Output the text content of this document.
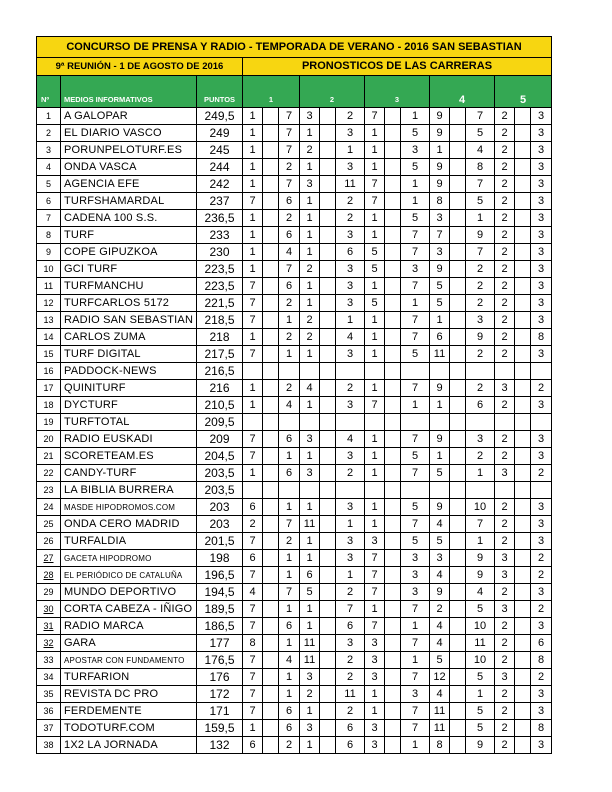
CONCURSO DE PRENSA Y RADIO - TEMPORADA DE VERANO - 2016 SAN SEBASTIAN																	
9ª REUNIÓN - 1 DE AGOSTO DE 2016			PRONOSTICOS DE LAS CARRERAS														
Nº	MEDIOS INFORMATIVOS	PUNTOS	1			2			3			4			5		
1	A GALOPAR	249,5	1		7	3		2	7		1	9		7	2		3
2	EL DIARIO VASCO	249	1		7	1		3	1		5	9		5	2		3
3	PORUNPELOTURF.ES	245	1		7	2		1	1		3	1		4	2		3
4	ONDA VASCA	244	1		2	1		3	1		5	9		8	2		3
5	AGENCIA EFE	242	1		7	3		11	7		1	9		7	2		3
6	TURFSHAMARDAL	237	7		6	1		2	7		1	8		5	2		3
7	CADENA 100 S.S.	236,5	1		2	1		2	1		5	3		1	2		3
8	TURF	233	1		6	1		3	1		7	7		9	2		3
9	COPE GIPUZKOA	230	1		4	1		6	5		7	3		7	2		3
10	GCI TURF	223,5	1		7	2		3	5		3	9		2	2		3
11	TURFMANCHU	223,5	7		6	1		3	1		7	5		2	2		3
12	TURFCARLOS 5172	221,5	7		2	1		3	5		1	5		2	2		3
13	RADIO SAN SEBASTIAN	218,5	7		1	2		1	1		7	1		3	2		3
14	CARLOS ZUMA	218	1		2	2		4	1		7	6		9	2		8
15	TURF DIGITAL	217,5	7		1	1		3	1		5	11		2	2		3
16	PADDOCK-NEWS	216,5															
17	QUINITURF	216	1		2	4		2	1		7	9		2	3		2
18	DYCTURF	210,5	1		4	1		3	7		1	1		6	2		3
19	TURFTOTAL	209,5															
20	RADIO EUSKADI	209	7		6	3		4	1		7	9		3	2		3
21	SCORETEAM.ES	204,5	7		1	1		3	1		5	1		2	2		3
22	CANDY-TURF	203,5	1		6	3		2	1		7	5		1	3		2
23	LA BIBLIA BURRERA	203,5															
24	MASDE HIPODROMOS.COM	203	6		1	1		3	1		5	9		10	2		3
25	ONDA CERO MADRID	203	2		7	11		1	1		7	4		7	2		3
26	TURFALDIA	201,5	7		2	1		3	3		5	5		1	2		3
27	GACETA HIPODROMO	198	6		1	1		3	7		3	3		9	3		2
28	EL PERIÓDICO DE CATALUÑA	196,5	7		1	6		1	7		3	4		9	3		2
29	MUNDO DEPORTIVO	194,5	4		7	5		2	7		3	9		4	2		3
30	CORTA CABEZA - IÑIGO	189,5	7		1	1		7	1		7	2		5	3		2
31	RADIO MARCA	186,5	7		6	1		6	7		1	4		10	2		3
32	GARA	177	8		1	11		3	3		7	4		11	2		6
33	APOSTAR CON FUNDAMENTO	176,5	7		4	11		2	3		1	5		10	2		8
34	TURFARION	176	7		1	3		2	3		7	12		5	3		2
35	REVISTA DC PRO	172	7		1	2		11	1		3	4		1	2		3
36	FERDEMENTE	171	7		6	1		2	1		7	11		5	2		3
37	TODOTURF.COM	159,5	1		6	3		6	3		7	11		5	2		8
38	1X2 LA JORNADA	132	6		2	1		6	3		1	8		9	2		3
